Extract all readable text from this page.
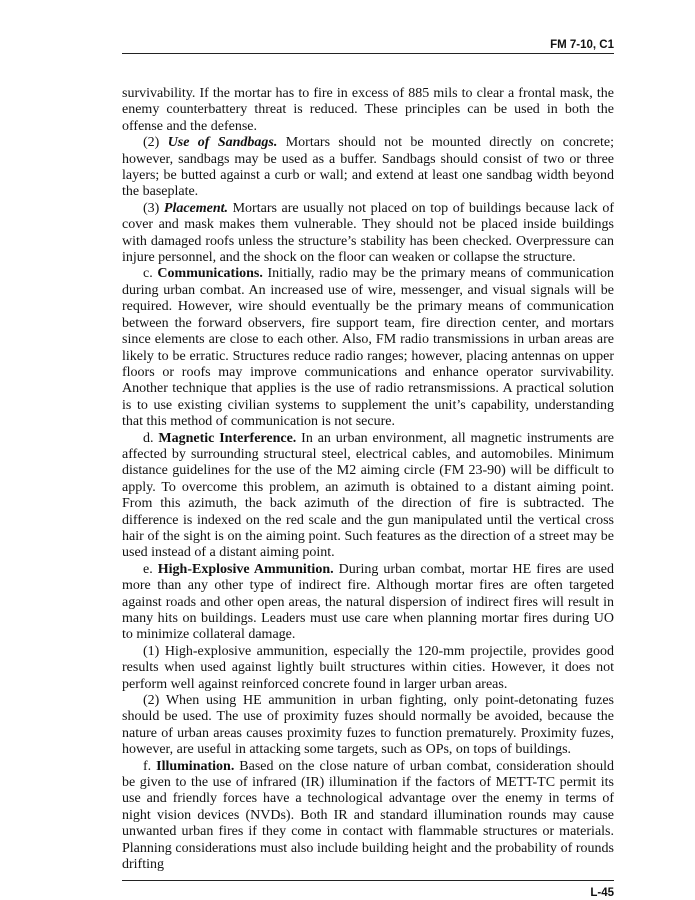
FM 7-10, C1

survivability. If the mortar has to fire in excess of 885 mils to clear a frontal mask, the enemy counterbattery threat is reduced. These principles can be used in both the offense and the defense.

(2) Use of Sandbags. Mortars should not be mounted directly on concrete; however, sandbags may be used as a buffer. Sandbags should consist of two or three layers; be butted against a curb or wall; and extend at least one sandbag width beyond the baseplate.

(3) Placement. Mortars are usually not placed on top of buildings because lack of cover and mask makes them vulnerable. They should not be placed inside buildings with damaged roofs unless the structure’s stability has been checked. Overpressure can injure personnel, and the shock on the floor can weaken or collapse the structure.

c. Communications. Initially, radio may be the primary means of communication during urban combat. An increased use of wire, messenger, and visual signals will be required. However, wire should eventually be the primary means of communication between the forward observers, fire support team, fire direction center, and mortars since elements are close to each other. Also, FM radio transmissions in urban areas are likely to be erratic. Structures reduce radio ranges; however, placing antennas on upper floors or roofs may improve communications and enhance operator survivability. Another technique that applies is the use of radio retransmissions. A practical solution is to use existing civilian systems to supplement the unit’s capability, understanding that this method of communication is not secure.

d. Magnetic Interference. In an urban environment, all magnetic instruments are affected by surrounding structural steel, electrical cables, and automobiles. Minimum distance guidelines for the use of the M2 aiming circle (FM 23-90) will be difficult to apply. To overcome this problem, an azimuth is obtained to a distant aiming point. From this azimuth, the back azimuth of the direction of fire is subtracted. The difference is indexed on the red scale and the gun manipulated until the vertical cross hair of the sight is on the aiming point. Such features as the direction of a street may be used instead of a distant aiming point.

e. High-Explosive Ammunition. During urban combat, mortar HE fires are used more than any other type of indirect fire. Although mortar fires are often targeted against roads and other open areas, the natural dispersion of indirect fires will result in many hits on buildings. Leaders must use care when planning mortar fires during UO to minimize collateral damage.

(1) High-explosive ammunition, especially the 120-mm projectile, provides good results when used against lightly built structures within cities. However, it does not perform well against reinforced concrete found in larger urban areas.

(2) When using HE ammunition in urban fighting, only point-detonating fuzes should be used. The use of proximity fuzes should normally be avoided, because the nature of urban areas causes proximity fuzes to function prematurely. Proximity fuzes, however, are useful in attacking some targets, such as OPs, on tops of buildings.

f. Illumination. Based on the close nature of urban combat, consideration should be given to the use of infrared (IR) illumination if the factors of METT-TC permit its use and friendly forces have a technological advantage over the enemy in terms of night vision devices (NVDs). Both IR and standard illumination rounds may cause unwanted urban fires if they come in contact with flammable structures or materials. Planning considerations must also include building height and the probability of rounds drifting

L-45
